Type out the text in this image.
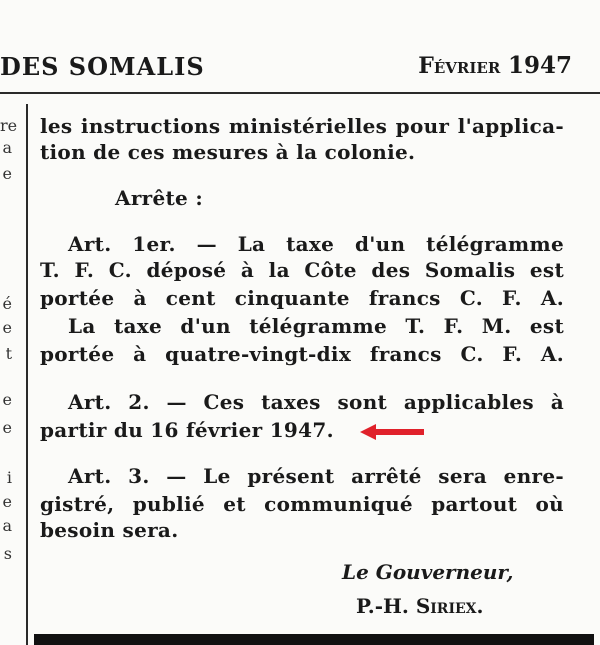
DES SOMALIS	Février 1947
re
a
e
é
e
t
e
e
i
e
a
s
les instructions ministérielles pour l'applica-
tion de ces mesures à la colonie.
Arrête :
Art. 1er. — La taxe d'un télégramme
T. F. C. déposé à la Côte des Somalis est
portée à cent cinquante francs C. F. A.
La taxe d'un télégramme T. F. M. est
portée à quatre-vingt-dix francs C. F. A.
Art. 2. — Ces taxes sont applicables à
partir du 16 février 1947.
Art. 3. — Le présent arrêté sera enre-
gistré, publié et communiqué partout où
besoin sera.
Le Gouverneur,
P.-H. Siriex.
